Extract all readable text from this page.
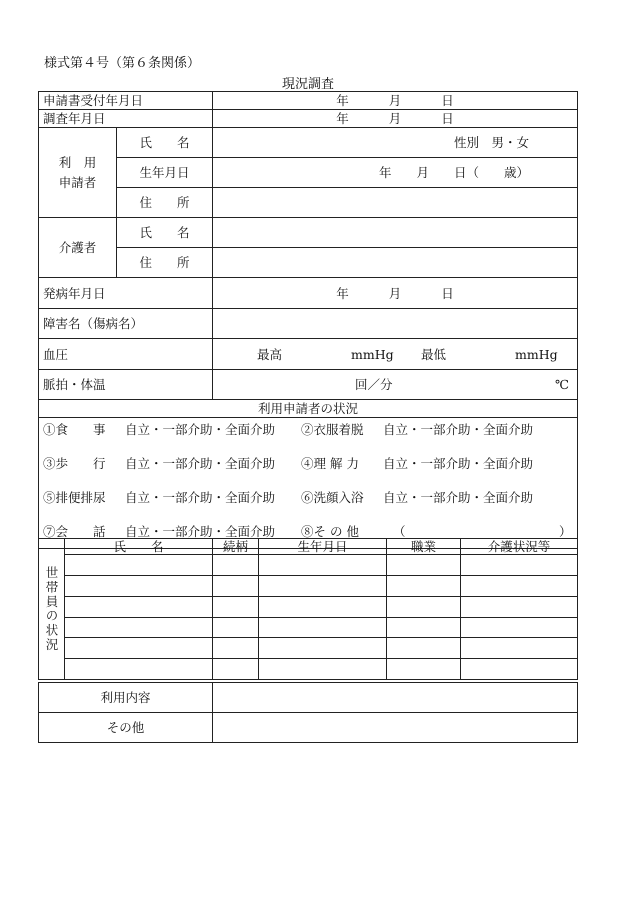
様式第４号（第６条関係）
現況調査
申請書受付年月日		年 月 日
調査年月日		年 月 日
利　用
申請者	氏　　名	性別　男・女
	生年月日	年　　月　　日（　　歳）
	住　　所	
介護者	氏　　名	
	住　　所	
発病年月日		年 月 日
障害名（傷病名）		
血圧		最高 mmHg 最低 mmHg
脈拍・体温		回／分 ℃
利用申請者の状況

①食　　事 自立・一部介助・全面介助 ②衣服着脱 自立・一部介助・全面介助
③歩　　行 自立・一部介助・全面介助 ④理 解 力 自立・一部介助・全面介助
⑤排便排尿 自立・一部介助・全面介助 ⑥洗顔入浴 自立・一部介助・全面介助
⑦会　　話 自立・一部介助・全面介助 ⑧そ の 他	（	）
世帯員の状況	氏　　名	続柄	生年月日	職業	介護状況等

利用内容	
その他	
